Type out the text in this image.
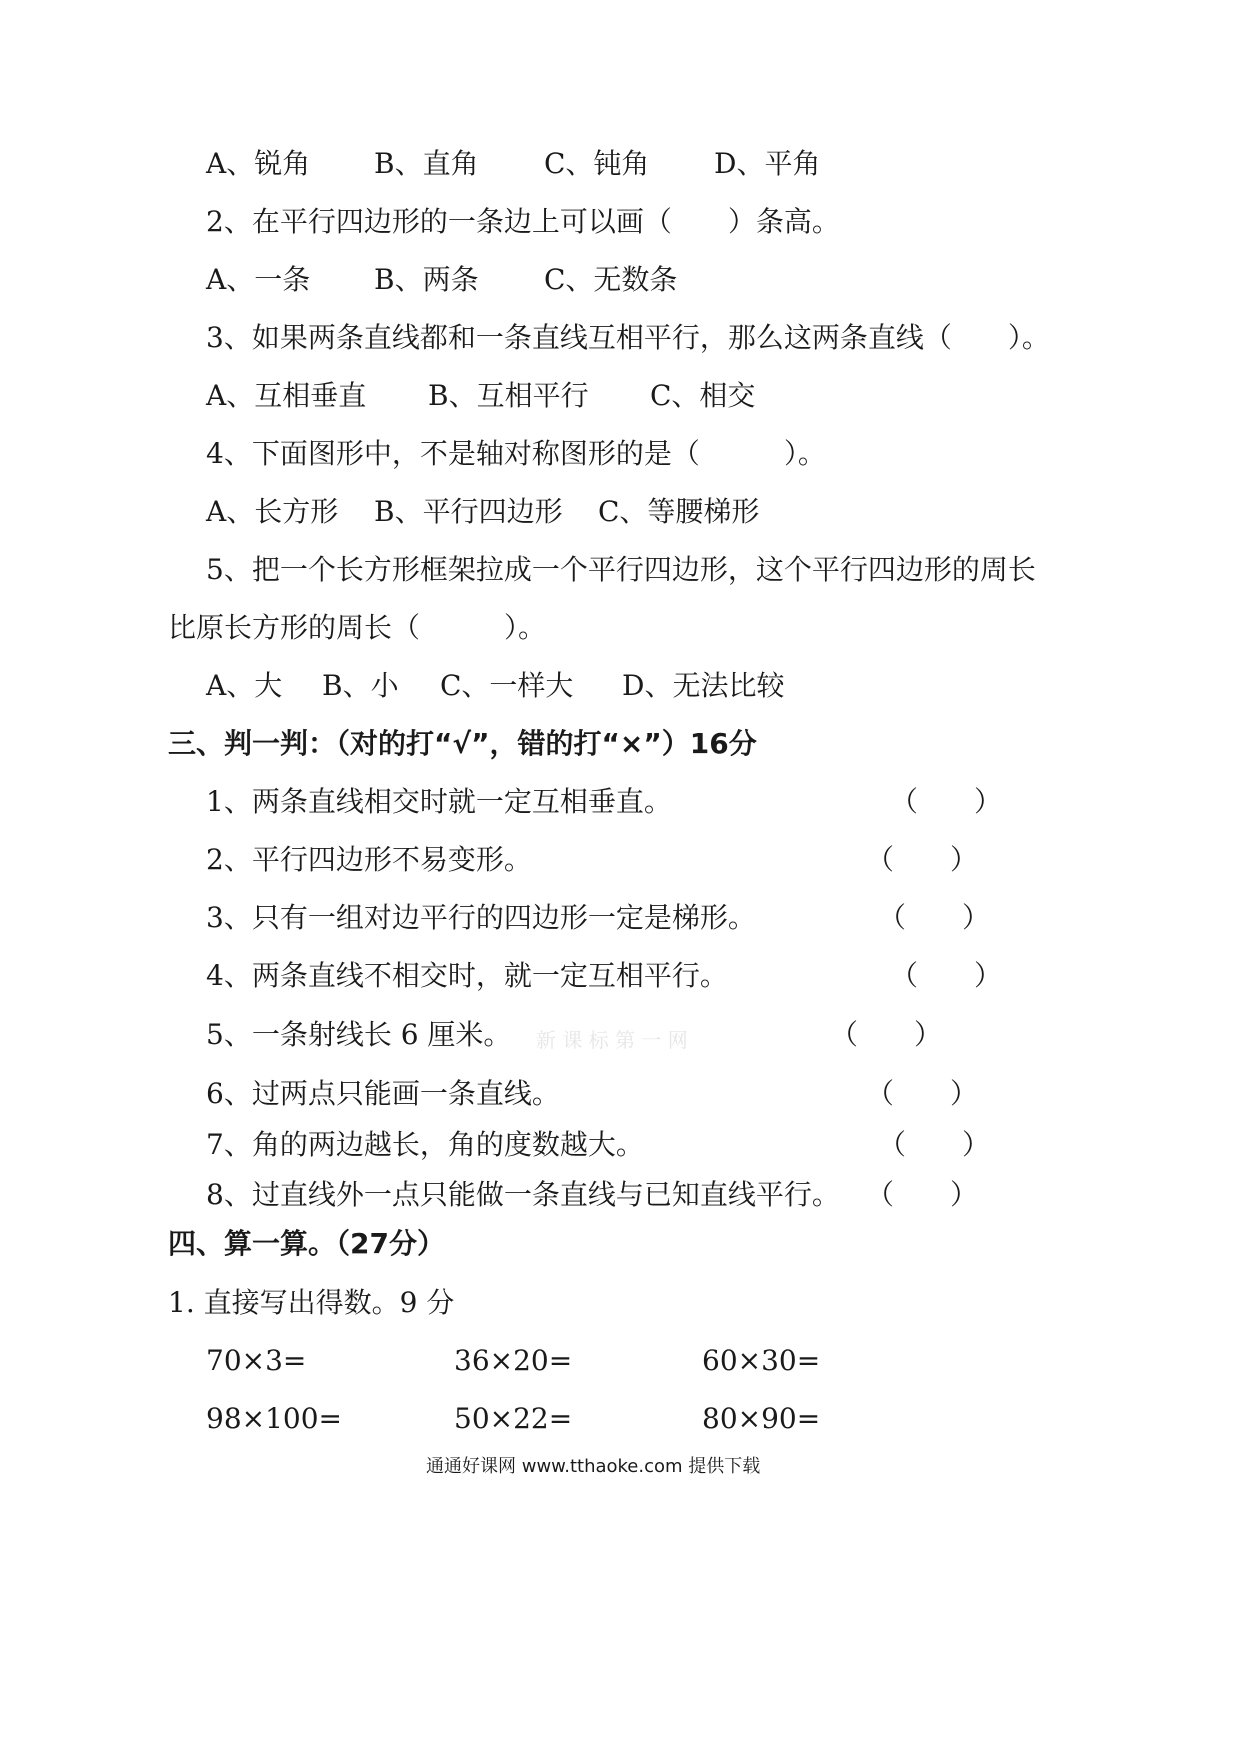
A、锐角 B、直角 C、钝角 D、平角
2、在平行四边形的一条边上可以画（　　）条高。
A、一条 B、两条 C、无数条
3、如果两条直线都和一条直线互相平行，那么这两条直线（　　）。
A、互相垂直 B、互相平行 C、相交
4、下面图形中，不是轴对称图形的是（　　　）。
A、长方形 B、平行四边形 C、等腰梯形
5、把一个长方形框架拉成一个平行四边形，这个平行四边形的周长
比原长方形的周长（　　　）。
A、大 B、小 C、一样大 D、无法比较
三、判一判：（对的打“√”，错的打“×”）16分
1、两条直线相交时就一定互相垂直。	（　　）
2、平行四边形不易变形。	（　　）
3、只有一组对边平行的四边形一定是梯形。	（　　）
4、两条直线不相交时，就一定互相平行。	（　　）
5、一条射线长 6 厘米。 新 课 标 第 一 网	（　　）
6、过两点只能画一条直线。	（　　）
7、角的两边越长，角的度数越大。	（　　）
8、过直线外一点只能做一条直线与已知直线平行。 （　　）
四、算一算。（27分）
1. 直接写出得数。9 分
70×3=	36×20=	60×30=
98×100=	50×22=	80×90=
通通好课网 www.tthaoke.com 提供下载
